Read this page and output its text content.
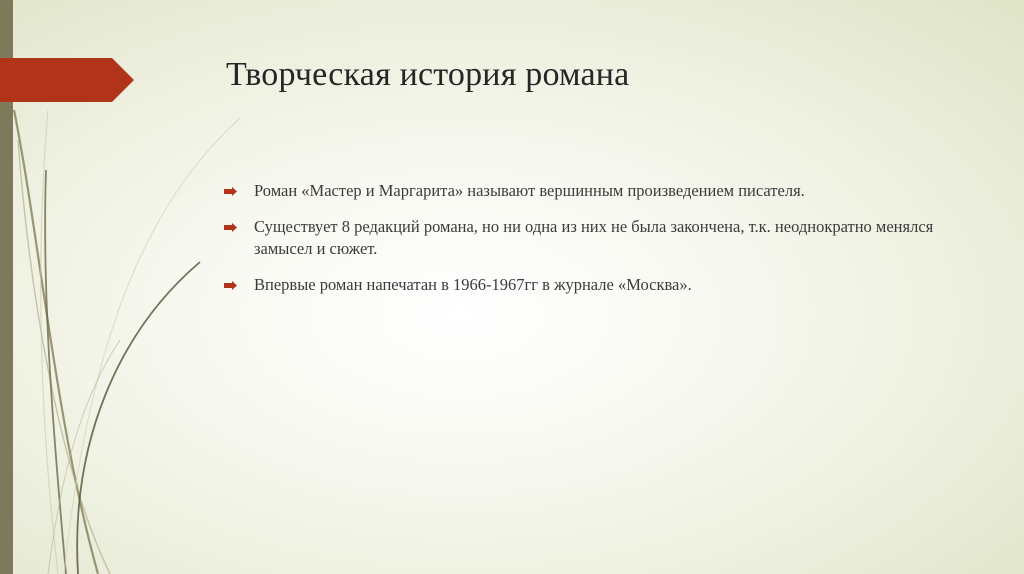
Творческая история романа
Роман «Мастер и Маргарита» называют вершинным произведением писателя.
Существует 8 редакций романа, но ни одна из них не была закончена, т.к. неоднократно менялся замысел и сюжет.
Впервые роман напечатан в 1966-1967гг в журнале «Москва».
